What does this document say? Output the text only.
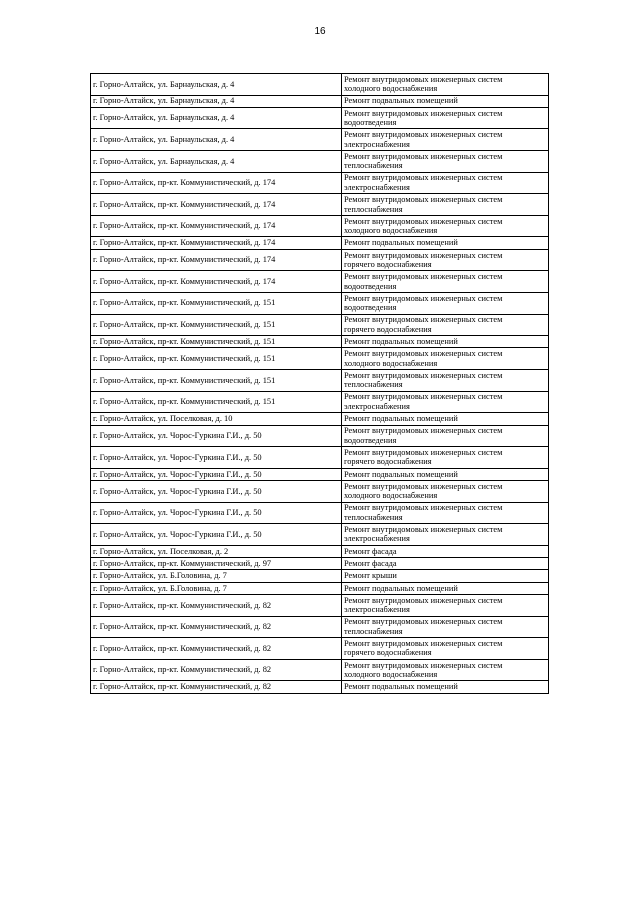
16
г. Горно-Алтайск, ул. Барнаульская, д. 4	Ремонт внутридомовых инженерных систем
холодного водоснабжения
г. Горно-Алтайск, ул. Барнаульская, д. 4	Ремонт подвальных помещений
г. Горно-Алтайск, ул. Барнаульская, д. 4	Ремонт внутридомовых инженерных систем
водоотведения
г. Горно-Алтайск, ул. Барнаульская, д. 4	Ремонт внутридомовых инженерных систем
электроснабжения
г. Горно-Алтайск, ул. Барнаульская, д. 4	Ремонт внутридомовых инженерных систем
теплоснабжения
г. Горно-Алтайск, пр-кт. Коммунистический, д. 174	Ремонт внутридомовых инженерных систем
электроснабжения
г. Горно-Алтайск, пр-кт. Коммунистический, д. 174	Ремонт внутридомовых инженерных систем
теплоснабжения
г. Горно-Алтайск, пр-кт. Коммунистический, д. 174	Ремонт внутридомовых инженерных систем
холодного водоснабжения
г. Горно-Алтайск, пр-кт. Коммунистический, д. 174	Ремонт подвальных помещений
г. Горно-Алтайск, пр-кт. Коммунистический, д. 174	Ремонт внутридомовых инженерных систем
горячего водоснабжения
г. Горно-Алтайск, пр-кт. Коммунистический, д. 174	Ремонт внутридомовых инженерных систем
водоотведения
г. Горно-Алтайск, пр-кт. Коммунистический, д. 151	Ремонт внутридомовых инженерных систем
водоотведения
г. Горно-Алтайск, пр-кт. Коммунистический, д. 151	Ремонт внутридомовых инженерных систем
горячего водоснабжения
г. Горно-Алтайск, пр-кт. Коммунистический, д. 151	Ремонт подвальных помещений
г. Горно-Алтайск, пр-кт. Коммунистический, д. 151	Ремонт внутридомовых инженерных систем
холодного водоснабжения
г. Горно-Алтайск, пр-кт. Коммунистический, д. 151	Ремонт внутридомовых инженерных систем
теплоснабжения
г. Горно-Алтайск, пр-кт. Коммунистический, д. 151	Ремонт внутридомовых инженерных систем
электроснабжения
г. Горно-Алтайск, ул. Поселковая, д. 10	Ремонт подвальных помещений
г. Горно-Алтайск, ул. Чорос-Гуркина Г.И., д. 50	Ремонт внутридомовых инженерных систем
водоотведения
г. Горно-Алтайск, ул. Чорос-Гуркина Г.И., д. 50	Ремонт внутридомовых инженерных систем
горячего водоснабжения
г. Горно-Алтайск, ул. Чорос-Гуркина Г.И., д. 50	Ремонт подвальных помещений
г. Горно-Алтайск, ул. Чорос-Гуркина Г.И., д. 50	Ремонт внутридомовых инженерных систем
холодного водоснабжения
г. Горно-Алтайск, ул. Чорос-Гуркина Г.И., д. 50	Ремонт внутридомовых инженерных систем
теплоснабжения
г. Горно-Алтайск, ул. Чорос-Гуркина Г.И., д. 50	Ремонт внутридомовых инженерных систем
электроснабжения
г. Горно-Алтайск, ул. Поселковая, д. 2	Ремонт фасада
г. Горно-Алтайск, пр-кт. Коммунистический, д. 97	Ремонт фасада
г. Горно-Алтайск, ул. Б.Головина, д. 7	Ремонт крыши
г. Горно-Алтайск, ул. Б.Головина, д. 7	Ремонт подвальных помещений
г. Горно-Алтайск, пр-кт. Коммунистический, д. 82	Ремонт внутридомовых инженерных систем
электроснабжения
г. Горно-Алтайск, пр-кт. Коммунистический, д. 82	Ремонт внутридомовых инженерных систем
теплоснабжения
г. Горно-Алтайск, пр-кт. Коммунистический, д. 82	Ремонт внутридомовых инженерных систем
горячего водоснабжения
г. Горно-Алтайск, пр-кт. Коммунистический, д. 82	Ремонт внутридомовых инженерных систем
холодного водоснабжения
г. Горно-Алтайск, пр-кт. Коммунистический, д. 82	Ремонт подвальных помещений
